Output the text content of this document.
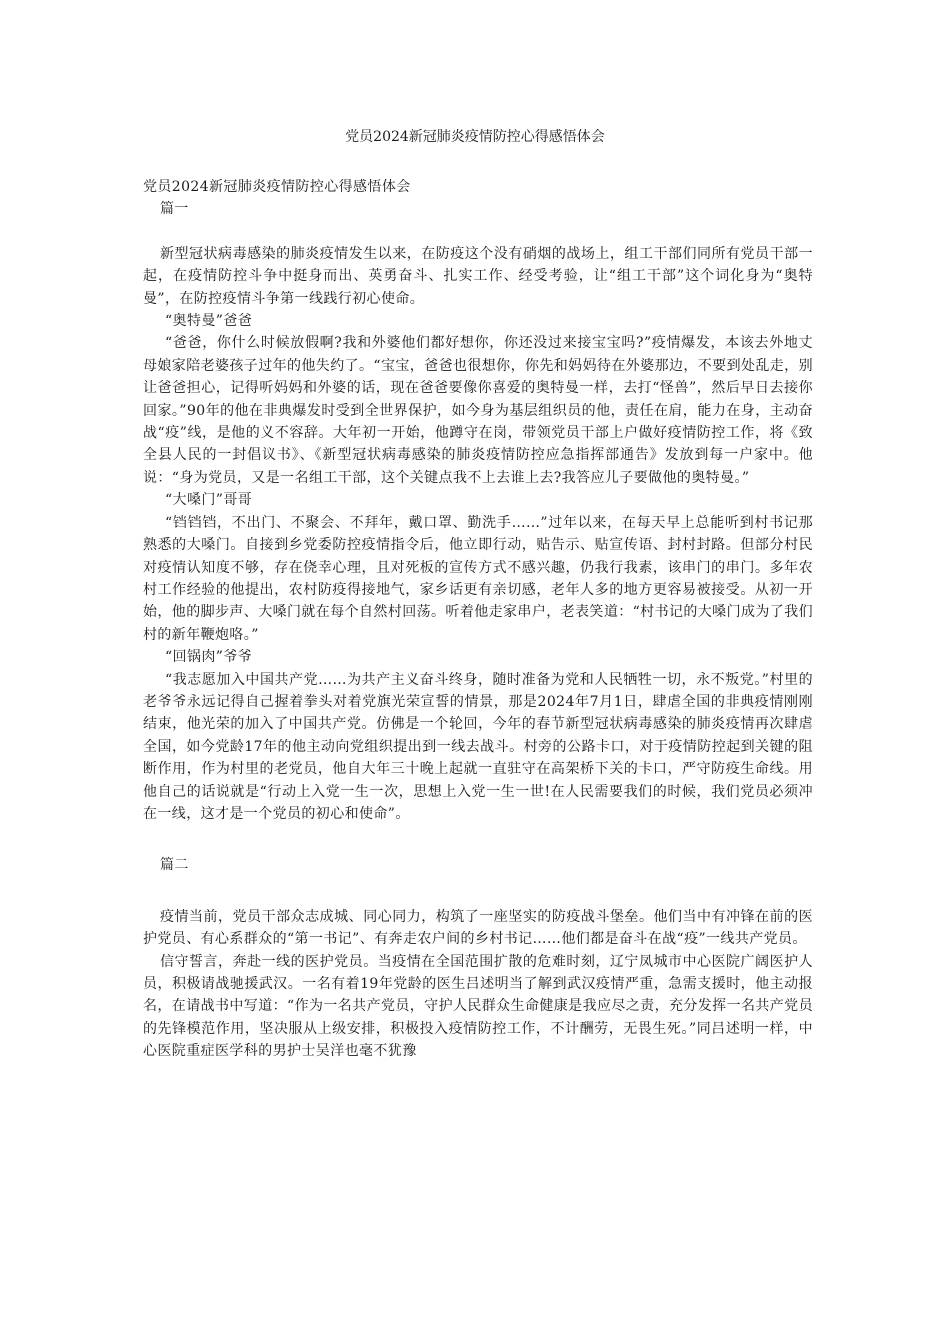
党员2024新冠肺炎疫情防控心得感悟体会

党员2024新冠肺炎疫情防控心得感悟体会

篇一

新型冠状病毒感染的肺炎疫情发生以来，在防疫这个没有硝烟的战场上，组工干部们同所有党员干部一起，在疫情防控斗争中挺身而出、英勇奋斗、扎实工作、经受考验，让“组工干部”这个词化身为“奥特曼”，在防控疫情斗争第一线践行初心使命。

“奥特曼”爸爸

“爸爸，你什么时候放假啊?我和外婆他们都好想你，你还没过来接宝宝吗?”疫情爆发，本该去外地丈母娘家陪老婆孩子过年的他失约了。“宝宝，爸爸也很想你，你先和妈妈待在外婆那边，不要到处乱走，别让爸爸担心，记得听妈妈和外婆的话，现在爸爸要像你喜爱的奥特曼一样，去打“怪兽”，然后早日去接你回家。”90年的他在非典爆发时受到全世界保护，如今身为基层组织员的他，责任在肩，能力在身，主动奋战“疫”线，是他的义不容辞。大年初一开始，他蹲守在岗，带领党员干部上户做好疫情防控工作，将《致全县人民的一封倡议书》、《新型冠状病毒感染的肺炎疫情防控应急指挥部通告》发放到每一户家中。他说：“身为党员，又是一名组工干部，这个关键点我不上去谁上去?我答应儿子要做他的奥特曼。”

“大嗓门”哥哥

“铛铛铛，不出门、不聚会、不拜年，戴口罩、勤洗手……”过年以来，在每天早上总能听到村书记那熟悉的大嗓门。自接到乡党委防控疫情指令后，他立即行动，贴告示、贴宣传语、封村封路。但部分村民对疫情认知度不够，存在侥幸心理，且对死板的宣传方式不感兴趣，仍我行我素，该串门的串门。多年农村工作经验的他提出，农村防疫得接地气，家乡话更有亲切感，老年人多的地方更容易被接受。从初一开始，他的脚步声、大嗓门就在每个自然村回荡。听着他走家串户，老表笑道：“村书记的大嗓门成为了我们村的新年鞭炮咯。”

“回锅肉”爷爷

“我志愿加入中国共产党……为共产主义奋斗终身，随时准备为党和人民牺牲一切，永不叛党。”村里的老爷爷永远记得自己握着拳头对着党旗光荣宣誓的情景，那是2024年7月1日，肆虐全国的非典疫情刚刚结束，他光荣的加入了中国共产党。仿佛是一个轮回，今年的春节新型冠状病毒感染的肺炎疫情再次肆虐全国，如今党龄17年的他主动向党组织提出到一线去战斗。村旁的公路卡口，对于疫情防控起到关键的阻断作用，作为村里的老党员，他自大年三十晚上起就一直驻守在高架桥下关的卡口，严守防疫生命线。用他自己的话说就是“行动上入党一生一次，思想上入党一生一世!在人民需要我们的时候，我们党员必须冲在一线，这才是一个党员的初心和使命”。

篇二

疫情当前，党员干部众志成城、同心同力，构筑了一座坚实的防疫战斗堡垒。他们当中有冲锋在前的医护党员、有心系群众的“第一书记”、有奔走农户间的乡村书记……他们都是奋斗在战“疫”一线共产党员。

信守誓言，奔赴一线的医护党员。当疫情在全国范围扩散的危难时刻，辽宁凤城市中心医院广阔医护人员，积极请战驰援武汉。一名有着19年党龄的医生吕述明当了解到武汉疫情严重，急需支援时，他主动报名，在请战书中写道：“作为一名共产党员，守护人民群众生命健康是我应尽之责，充分发挥一名共产党员的先锋模范作用，坚决服从上级安排，积极投入疫情防控工作，不计酬劳，无畏生死。”同吕述明一样，中心医院重症医学科的男护士吴洋也毫不犹豫
